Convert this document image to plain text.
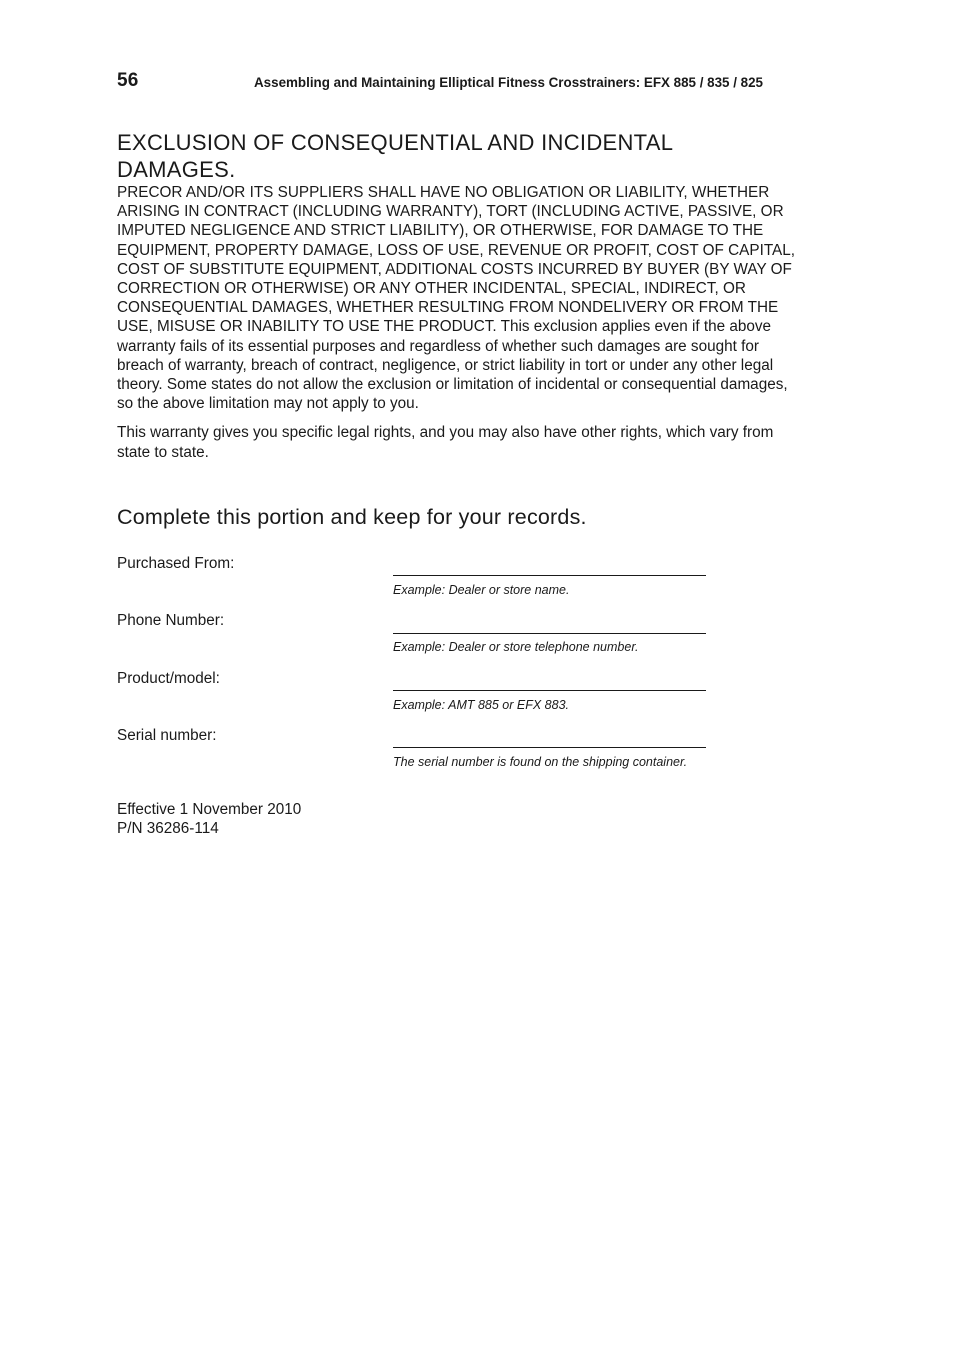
56	Assembling and Maintaining Elliptical Fitness Crosstrainers: EFX 885 / 835 / 825
EXCLUSION OF CONSEQUENTIAL AND INCIDENTAL DAMAGES.

PRECOR AND/OR ITS SUPPLIERS SHALL HAVE NO OBLIGATION OR LIABILITY, WHETHER ARISING IN CONTRACT (INCLUDING WARRANTY), TORT (INCLUDING ACTIVE, PASSIVE, OR IMPUTED NEGLIGENCE AND STRICT LIABILITY), OR OTHERWISE, FOR DAMAGE TO THE EQUIPMENT, PROPERTY DAMAGE, LOSS OF USE, REVENUE OR PROFIT, COST OF CAPITAL, COST OF SUBSTITUTE EQUIPMENT, ADDITIONAL COSTS INCURRED BY BUYER (BY WAY OF CORRECTION OR OTHERWISE) OR ANY OTHER INCIDENTAL, SPECIAL, INDIRECT, OR CONSEQUENTIAL DAMAGES, WHETHER RESULTING FROM NONDELIVERY OR FROM THE USE, MISUSE OR INABILITY TO USE THE PRODUCT. This exclusion applies even if the above warranty fails of its essential purposes and regardless of whether such damages are sought for breach of warranty, breach of contract, negligence, or strict liability in tort or under any other legal theory. Some states do not allow the exclusion or limitation of incidental or consequential damages, so the above limitation may not apply to you.

This warranty gives you specific legal rights, and you may also have other rights, which vary from state to state.

Complete this portion and keep for your records.
Purchased From:
Example: Dealer or store name.
Phone Number:
Example: Dealer or store telephone number.
Product/model:
Example: AMT 885 or EFX 883.
Serial number:
The serial number is found on the shipping container.
Effective 1 November 2010
P/N 36286-114
